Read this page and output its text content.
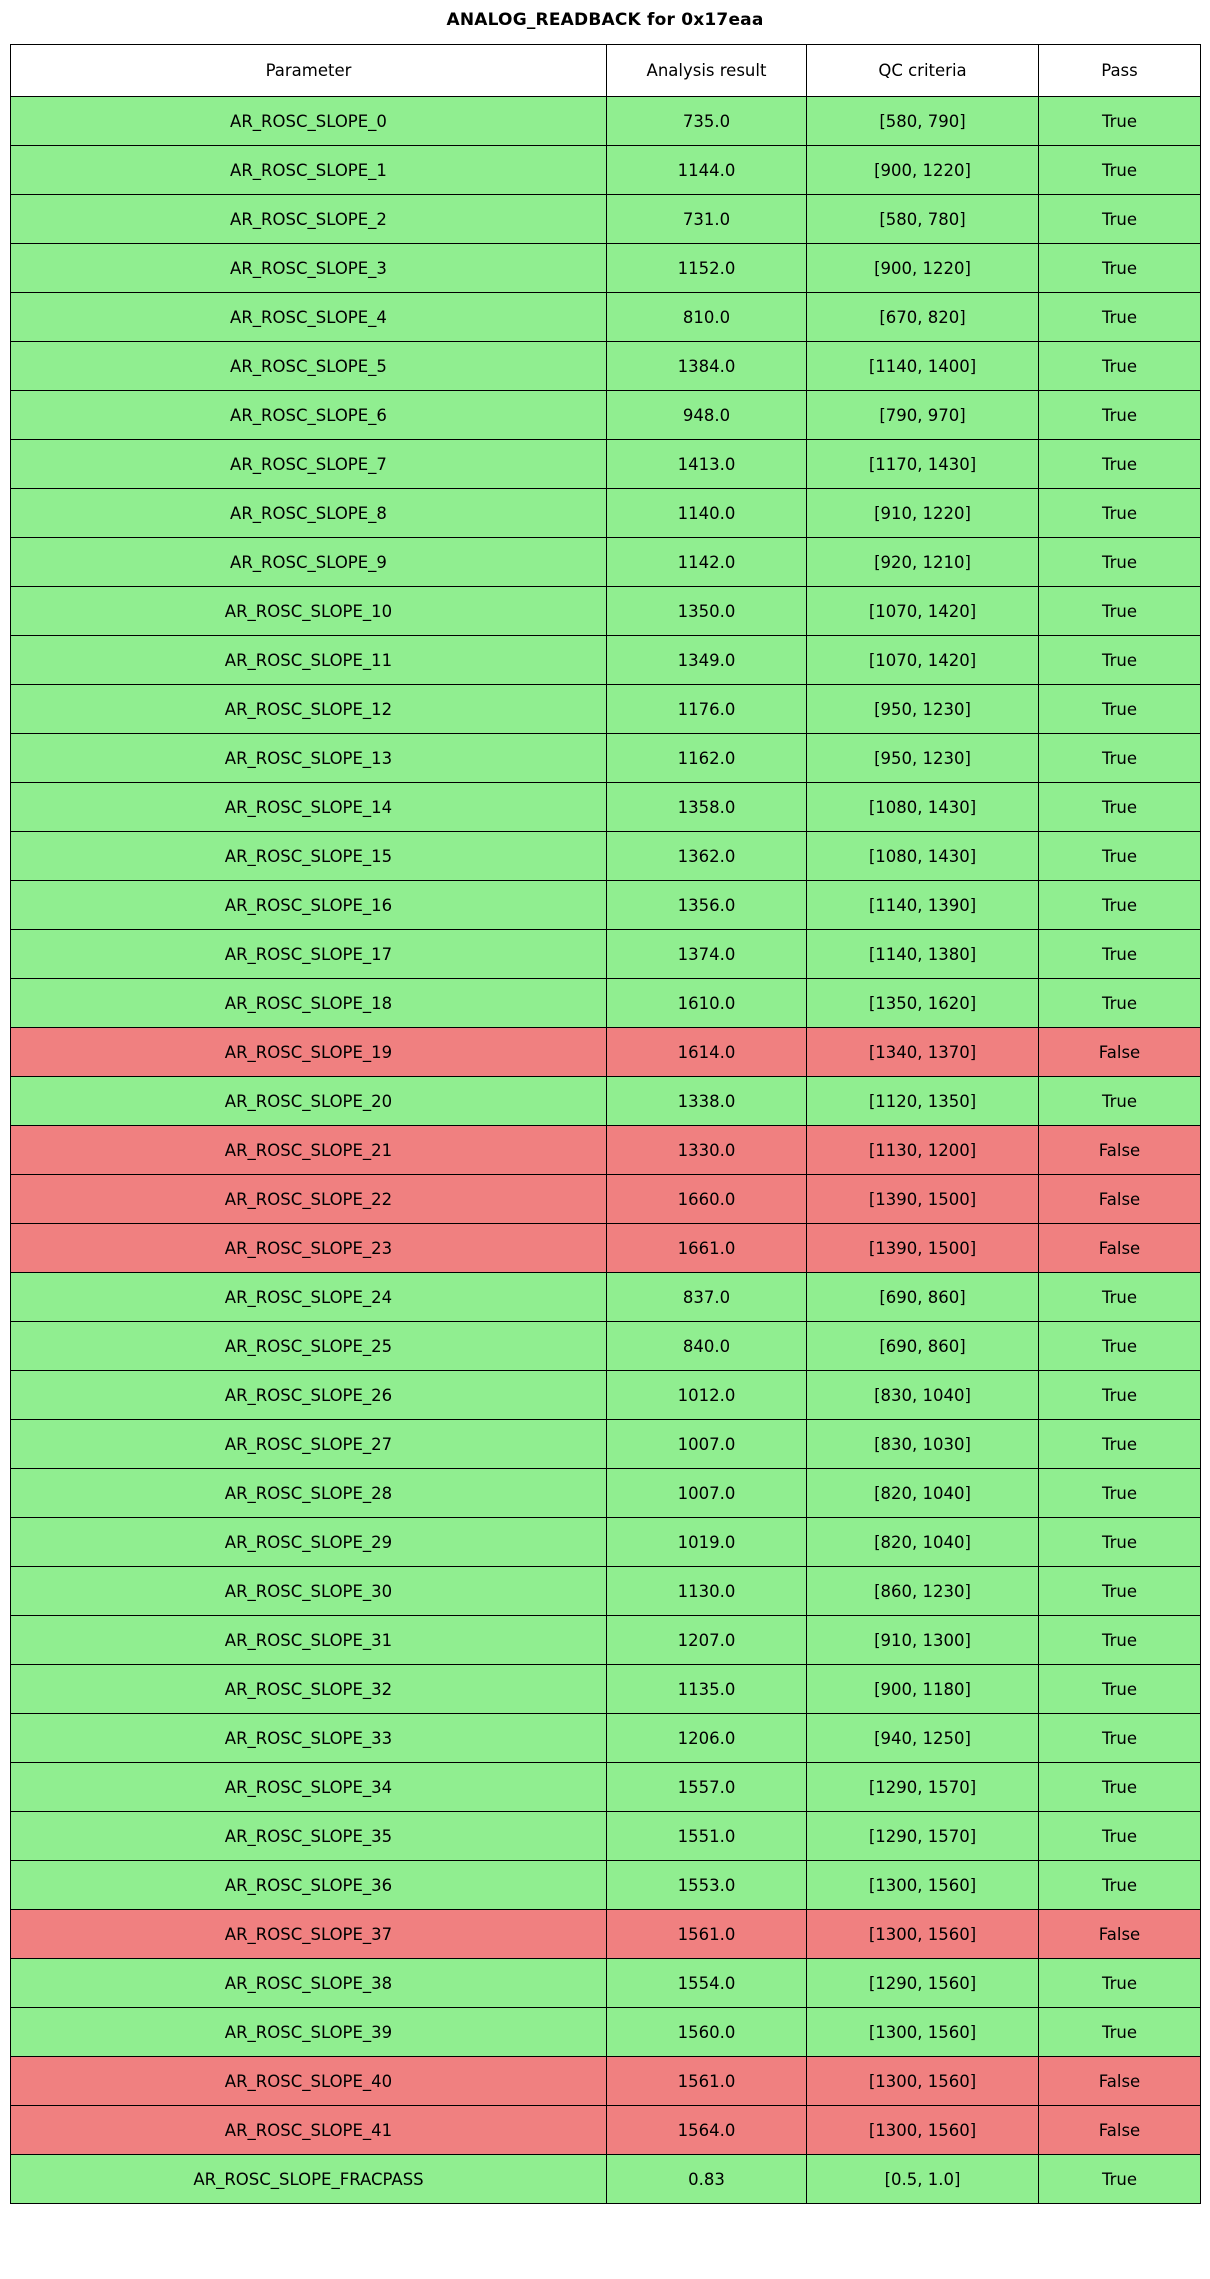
ANALOG_READBACK for 0x17eaa
Parameter	Analysis result	QC criteria	Pass
AR_ROSC_SLOPE_0	735.0	[580, 790]	True
AR_ROSC_SLOPE_1	1144.0	[900, 1220]	True
AR_ROSC_SLOPE_2	731.0	[580, 780]	True
AR_ROSC_SLOPE_3	1152.0	[900, 1220]	True
AR_ROSC_SLOPE_4	810.0	[670, 820]	True
AR_ROSC_SLOPE_5	1384.0	[1140, 1400]	True
AR_ROSC_SLOPE_6	948.0	[790, 970]	True
AR_ROSC_SLOPE_7	1413.0	[1170, 1430]	True
AR_ROSC_SLOPE_8	1140.0	[910, 1220]	True
AR_ROSC_SLOPE_9	1142.0	[920, 1210]	True
AR_ROSC_SLOPE_10	1350.0	[1070, 1420]	True
AR_ROSC_SLOPE_11	1349.0	[1070, 1420]	True
AR_ROSC_SLOPE_12	1176.0	[950, 1230]	True
AR_ROSC_SLOPE_13	1162.0	[950, 1230]	True
AR_ROSC_SLOPE_14	1358.0	[1080, 1430]	True
AR_ROSC_SLOPE_15	1362.0	[1080, 1430]	True
AR_ROSC_SLOPE_16	1356.0	[1140, 1390]	True
AR_ROSC_SLOPE_17	1374.0	[1140, 1380]	True
AR_ROSC_SLOPE_18	1610.0	[1350, 1620]	True
AR_ROSC_SLOPE_19	1614.0	[1340, 1370]	False
AR_ROSC_SLOPE_20	1338.0	[1120, 1350]	True
AR_ROSC_SLOPE_21	1330.0	[1130, 1200]	False
AR_ROSC_SLOPE_22	1660.0	[1390, 1500]	False
AR_ROSC_SLOPE_23	1661.0	[1390, 1500]	False
AR_ROSC_SLOPE_24	837.0	[690, 860]	True
AR_ROSC_SLOPE_25	840.0	[690, 860]	True
AR_ROSC_SLOPE_26	1012.0	[830, 1040]	True
AR_ROSC_SLOPE_27	1007.0	[830, 1030]	True
AR_ROSC_SLOPE_28	1007.0	[820, 1040]	True
AR_ROSC_SLOPE_29	1019.0	[820, 1040]	True
AR_ROSC_SLOPE_30	1130.0	[860, 1230]	True
AR_ROSC_SLOPE_31	1207.0	[910, 1300]	True
AR_ROSC_SLOPE_32	1135.0	[900, 1180]	True
AR_ROSC_SLOPE_33	1206.0	[940, 1250]	True
AR_ROSC_SLOPE_34	1557.0	[1290, 1570]	True
AR_ROSC_SLOPE_35	1551.0	[1290, 1570]	True
AR_ROSC_SLOPE_36	1553.0	[1300, 1560]	True
AR_ROSC_SLOPE_37	1561.0	[1300, 1560]	False
AR_ROSC_SLOPE_38	1554.0	[1290, 1560]	True
AR_ROSC_SLOPE_39	1560.0	[1300, 1560]	True
AR_ROSC_SLOPE_40	1561.0	[1300, 1560]	False
AR_ROSC_SLOPE_41	1564.0	[1300, 1560]	False
AR_ROSC_SLOPE_FRACPASS	0.83	[0.5, 1.0]	True
